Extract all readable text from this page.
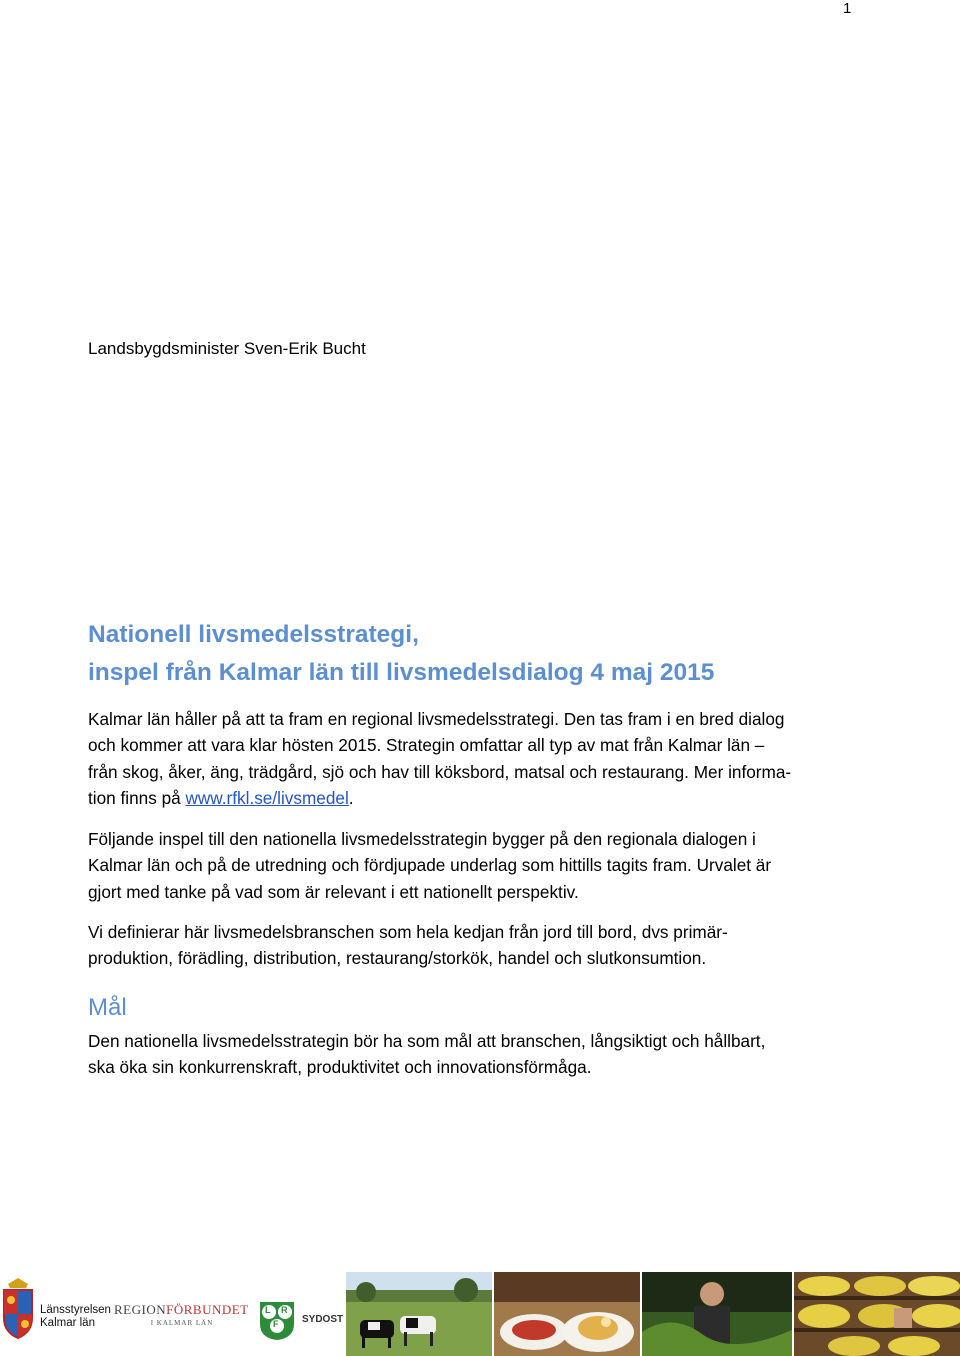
1
Landsbygdsminister Sven-Erik Bucht
Nationell livsmedelsstrategi,
inspel från Kalmar län till livsmedelsdialog 4 maj 2015

Kalmar län håller på att ta fram en regional livsmedelsstrategi. Den tas fram i en bred dialog
och kommer att vara klar hösten 2015. Strategin omfattar all typ av mat från Kalmar län –
från skog, åker, äng, trädgård, sjö och hav till köksbord, matsal och restaurang. Mer informa-
tion finns på www.rfkl.se/livsmedel.

Följande inspel till den nationella livsmedelsstrategin bygger på den regionala dialogen i
Kalmar län och på de utredning och fördjupade underlag som hittills tagits fram. Urvalet är
gjort med tanke på vad som är relevant i ett nationellt perspektiv.

Vi definierar här livsmedelsbranschen som hela kedjan från jord till bord, dvs primär-
produktion, förädling, distribution, restaurang/storkök, handel och slutkonsumtion.

Mål

Den nationella livsmedelsstrategin bör ha som mål att branschen, långsiktigt och hållbart,
ska öka sin konkurrenskraft, produktivitet och innovationsförmåga.

Länsstyrelsen
Kalmar län
REGIONFÖRBUNDET
I KALMAR LÄN
L R
F SYDOST
